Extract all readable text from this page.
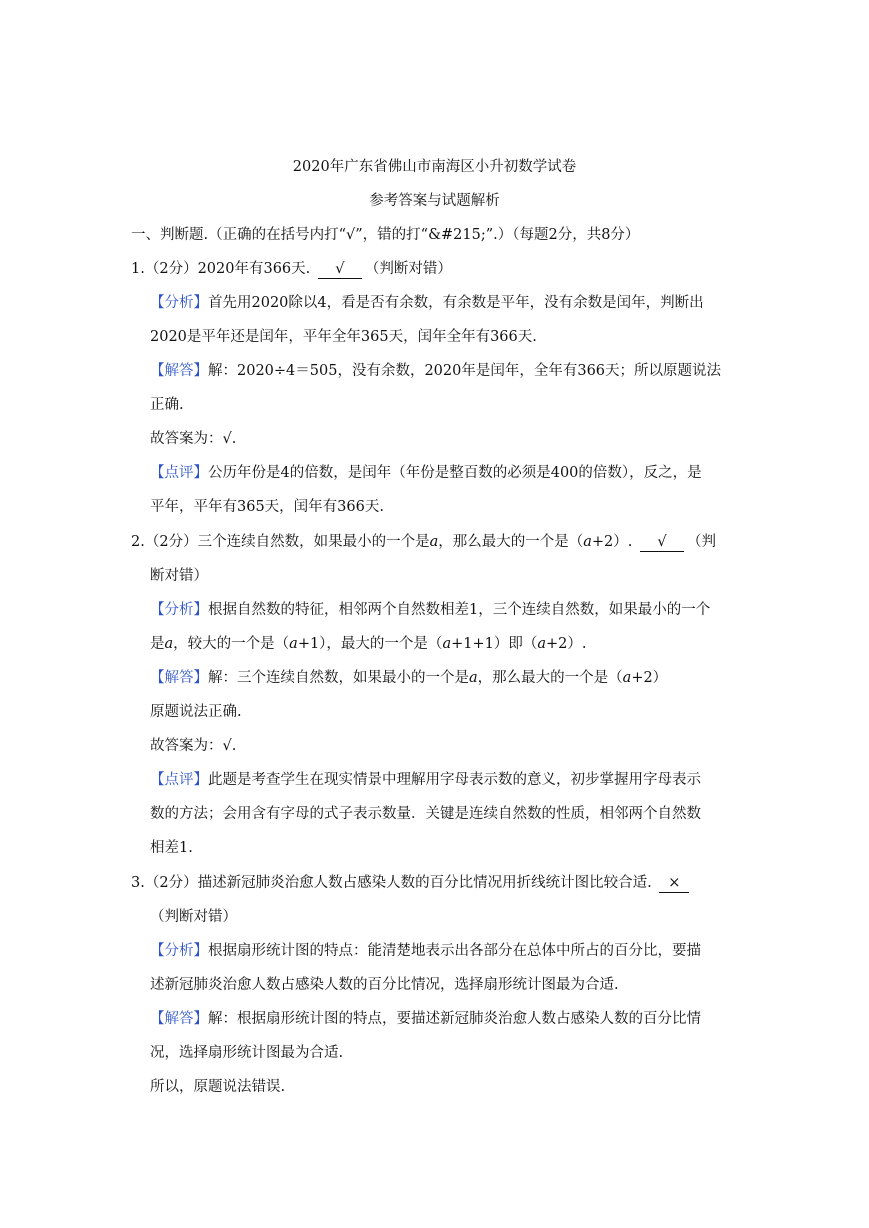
2020年广东省佛山市南海区小升初数学试卷
参考答案与试题解析
一、判断题.（正确的在括号内打“√”，错的打“&#215;”.）（每题2分，共8分）
1.（2分）2020年有366天. √ （判断对错）
【分析】首先用2020除以4，看是否有余数，有余数是平年，没有余数是闰年，判断出
2020是平年还是闰年，平年全年365天，闰年全年有366天.
【解答】解：2020÷4＝505，没有余数，2020年是闰年，全年有366天；所以原题说法
正确.
故答案为：√.
【点评】公历年份是4的倍数，是闰年（年份是整百数的必须是400的倍数），反之，是
平年，平年有365天，闰年有366天.
2.（2分）三个连续自然数，如果最小的一个是a，那么最大的一个是（a+2）. √ （判
断对错）
【分析】根据自然数的特征，相邻两个自然数相差1，三个连续自然数，如果最小的一个
是a，较大的一个是（a+1），最大的一个是（a+1+1）即（a+2）.
【解答】解：三个连续自然数，如果最小的一个是a，那么最大的一个是（a+2）
原题说法正确.
故答案为：√.
【点评】此题是考查学生在现实情景中理解用字母表示数的意义，初步掌握用字母表示
数的方法；会用含有字母的式子表示数量．关键是连续自然数的性质，相邻两个自然数
相差1.
3.（2分）描述新冠肺炎治愈人数占感染人数的百分比情况用折线统计图比较合适. ×
（判断对错）
【分析】根据扇形统计图的特点：能清楚地表示出各部分在总体中所占的百分比，要描
述新冠肺炎治愈人数占感染人数的百分比情况，选择扇形统计图最为合适.
【解答】解：根据扇形统计图的特点，要描述新冠肺炎治愈人数占感染人数的百分比情
况，选择扇形统计图最为合适.
所以，原题说法错误.
